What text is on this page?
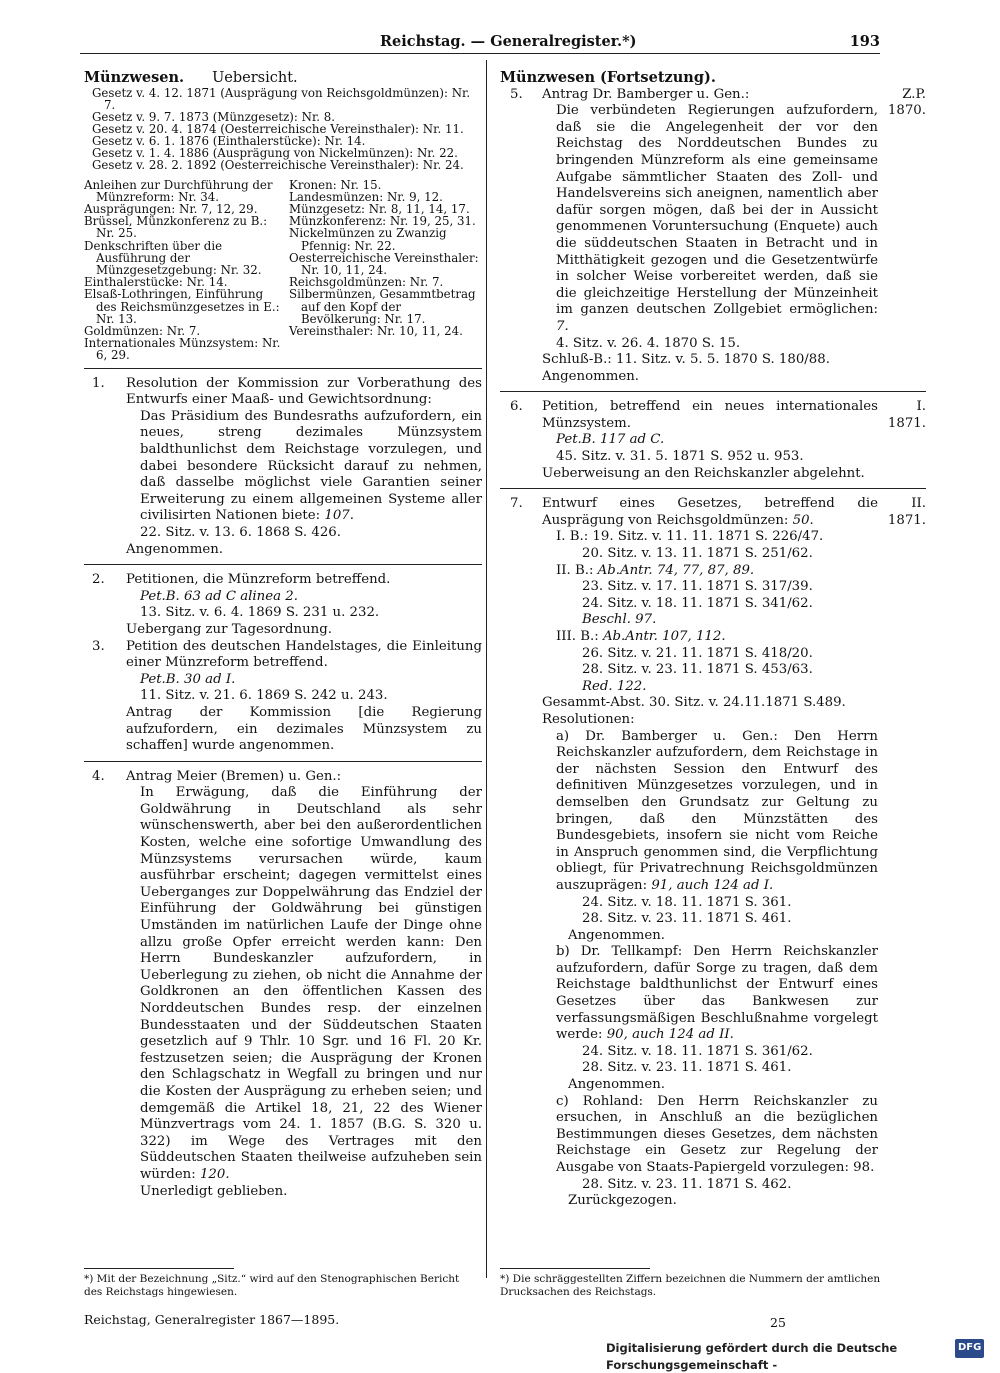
Reichstag. — Generalregister.*)	193
Münzwesen. Uebersicht.

Gesetz v. 4. 12. 1871 (Ausprägung von Reichsgoldmünzen): Nr. 7.

Gesetz v. 9. 7. 1873 (Münzgesetz): Nr. 8.

Gesetz v. 20. 4. 1874 (Oesterreichische Vereinsthaler): Nr. 11.

Gesetz v. 6. 1. 1876 (Einthalerstücke): Nr. 14.

Gesetz v. 1. 4. 1886 (Ausprägung von Nickelmünzen): Nr. 22.

Gesetz v. 28. 2. 1892 (Oesterreichische Vereinsthaler): Nr. 24.

Anleihen zur Durchführung der Münzreform: Nr. 34.

Ausprägungen: Nr. 7, 12, 29.

Brüssel, Münzkonferenz zu B.: Nr. 25.

Denkschriften über die Ausführung der Münzgesetzgebung: Nr. 32.

Einthalerstücke: Nr. 14.

Elsaß-Lothringen, Einführung des Reichsmünzgesetzes in E.: Nr. 13.

Goldmünzen: Nr. 7.

Internationales Münzsystem: Nr. 6, 29.

Kronen: Nr. 15.

Landesmünzen: Nr. 9, 12.

Münzgesetz: Nr. 8, 11, 14, 17.

Münzkonferenz: Nr. 19, 25, 31.

Nickelmünzen zu Zwanzig Pfennig: Nr. 22.

Oesterreichische Vereinsthaler: Nr. 10, 11, 24.

Reichsgoldmünzen: Nr. 7.

Silbermünzen, Gesammtbetrag auf den Kopf der Bevölkerung: Nr. 17.

Vereinsthaler: Nr. 10, 11, 24.

1. Resolution der Kommission zur Vorberathung des Entwurfs einer Maaß- und Gewichtsordnung:

Das Präsidium des Bundesraths aufzufordern, ein neues, streng dezimales Münzsystem baldthunlichst dem Reichstage vorzulegen, und dabei besondere Rücksicht darauf zu nehmen, daß dasselbe möglichst viele Garantien seiner Erweiterung zu einem allgemeinen Systeme aller civilisirten Nationen biete: 107.

22. Sitz. v. 13. 6. 1868 S. 426.

Angenommen.

2. Petitionen, die Münzreform betreffend.

Pet.B. 63 ad C alinea 2.

13. Sitz. v. 6. 4. 1869 S. 231 u. 232.

Uebergang zur Tagesordnung.

3. Petition des deutschen Handelstages, die Einleitung einer Münzreform betreffend.

Pet.B. 30 ad I.

11. Sitz. v. 21. 6. 1869 S. 242 u. 243.

Antrag der Kommission [die Regierung aufzufordern, ein dezimales Münzsystem zu schaffen] wurde angenommen.

4. Antrag Meier (Bremen) u. Gen.:

In Erwägung, daß die Einführung der Goldwährung in Deutschland als sehr wünschenswerth, aber bei den außerordentlichen Kosten, welche eine sofortige Umwandlung des Münzsystems verursachen würde, kaum ausführbar erscheint; dagegen vermittelst eines Ueberganges zur Doppelwährung das Endziel der Einführung der Goldwährung bei günstigen Umständen im natürlichen Laufe der Dinge ohne allzu große Opfer erreicht werden kann: Den Herrn Bundeskanzler aufzufordern, in Ueberlegung zu ziehen, ob nicht die Annahme der Goldkronen an den öffentlichen Kassen des Norddeutschen Bundes resp. der einzelnen Bundesstaaten und der Süddeutschen Staaten gesetzlich auf 9 Thlr. 10 Sgr. und 16 Fl. 20 Kr. festzusetzen seien; die Ausprägung der Kronen den Schlagschatz in Wegfall zu bringen und nur die Kosten der Ausprägung zu erheben seien; und demgemäß die Artikel 18, 21, 22 des Wiener Münzvertrags vom 24. 1. 1857 (B.G. S. 320 u. 322) im Wege des Vertrages mit den Süddeutschen Staaten theilweise aufzuheben sein würden: 120.

Unerledigt geblieben.

Münzwesen (Fortsetzung).
5.	Z.P.
1870.

Antrag Dr. Bamberger u. Gen.:

Die verbündeten Regierungen aufzufordern, daß sie die Angelegenheit der vor den Reichstag des Norddeutschen Bundes zu bringenden Münzreform als eine gemeinsame Aufgabe sämmtlicher Staaten des Zoll- und Handelsvereins sich aneignen, namentlich aber dafür sorgen mögen, daß bei der in Aussicht genommenen Voruntersuchung (Enquete) auch die süddeutschen Staaten in Betracht und in Mitthätigkeit gezogen und die Gesetzentwürfe in solcher Weise vorbereitet werden, daß sie die gleichzeitige Herstellung der Münzeinheit im ganzen deutschen Zollgebiet ermöglichen: 7.

4. Sitz. v. 26. 4. 1870 S. 15.

Schluß-B.: 11. Sitz. v. 5. 5. 1870 S. 180/88.

Angenommen.

6.	I.
1871.

Petition, betreffend ein neues internationales Münzsystem.

Pet.B. 117 ad C.

45. Sitz. v. 31. 5. 1871 S. 952 u. 953.

Ueberweisung an den Reichskanzler abgelehnt.

7.	II.
1871.

Entwurf eines Gesetzes, betreffend die Ausprägung von Reichsgoldmünzen: 50.

I. B.: 19. Sitz. v. 11. 11. 1871 S. 226/47.

20. Sitz. v. 13. 11. 1871 S. 251/62.

II. B.: Ab.Antr. 74, 77, 87, 89.

23. Sitz. v. 17. 11. 1871 S. 317/39.

24. Sitz. v. 18. 11. 1871 S. 341/62.

Beschl. 97.

III. B.: Ab.Antr. 107, 112.

26. Sitz. v. 21. 11. 1871 S. 418/20.

28. Sitz. v. 23. 11. 1871 S. 453/63.

Red. 122.

Gesammt-Abst. 30. Sitz. v. 24.11.1871 S.489.

Resolutionen:

a) Dr. Bamberger u. Gen.: Den Herrn Reichskanzler aufzufordern, dem Reichstage in der nächsten Session den Entwurf des definitiven Münzgesetzes vorzulegen, und in demselben den Grundsatz zur Geltung zu bringen, daß den Münzstätten des Bundesgebiets, insofern sie nicht vom Reiche in Anspruch genommen sind, die Verpflichtung obliegt, für Privatrechnung Reichsgoldmünzen auszuprägen: 91, auch 124 ad I.

24. Sitz. v. 18. 11. 1871 S. 361.

28. Sitz. v. 23. 11. 1871 S. 461.

Angenommen.

b) Dr. Tellkampf: Den Herrn Reichskanzler aufzufordern, dafür Sorge zu tragen, daß dem Reichstage baldthunlichst der Entwurf eines Gesetzes über das Bankwesen zur verfassungsmäßigen Beschlußnahme vorgelegt werde: 90, auch 124 ad II.

24. Sitz. v. 18. 11. 1871 S. 361/62.

28. Sitz. v. 23. 11. 1871 S. 461.

Angenommen.

c) Rohland: Den Herrn Reichskanzler zu ersuchen, in Anschluß an die bezüglichen Bestimmungen dieses Gesetzes, dem nächsten Reichstage ein Gesetz zur Regelung der Ausgabe von Staats-Papiergeld vorzulegen: 98.

28. Sitz. v. 23. 11. 1871 S. 462.

Zurückgezogen.

*) Mit der Bezeichnung „Sitz.“ wird auf den Stenographischen Bericht des Reichstags hingewiesen.

*) Die schräggestellten Ziffern bezeichnen die Nummern der amtlichen Drucksachen des Reichstags.

Reichstag, Generalregister 1867—1895.	25
Digitalisierung gefördert durch die Deutsche Forschungsgemeinschaft -
DFG
